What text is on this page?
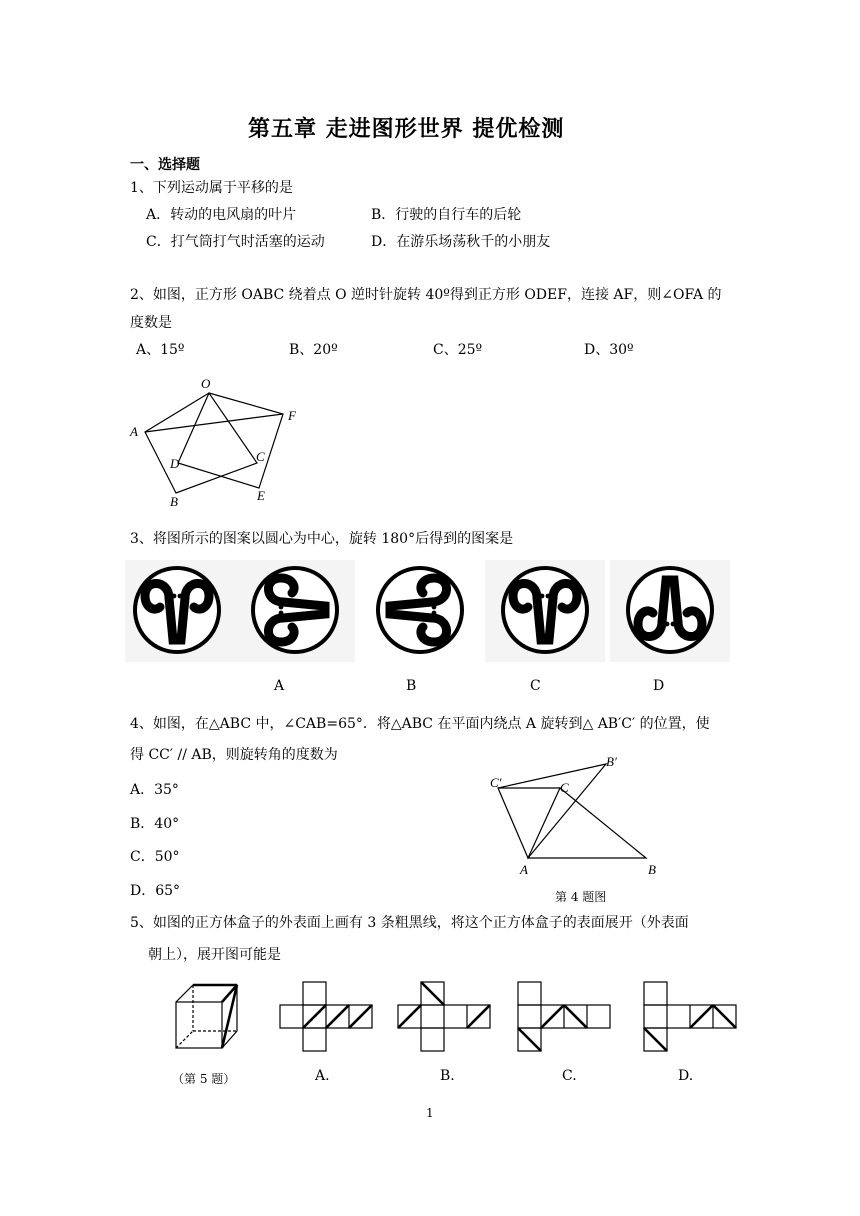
第五章 走进图形世界 提优检测
一、选择题
1、下列运动属于平移的是
A．转动的电风扇的叶片	B．行驶的自行车的后轮
C．打气筒打气时活塞的运动	D．在游乐场荡秋千的小朋友
2、如图，正方形 OABC 绕着点 O 逆时针旋转 40º得到正方形 ODEF，连接 AF，则∠OFA 的
度数是
A、15º	B、20º	C、25º	D、30º
O
A
F
D	C
B	E
3、将图所示的图案以圆心为中心，旋转 180°后得到的图案是
A	B	C	D
4、如图，在△ABC 中，∠CAB=65°．将△ABC 在平面内绕点 A 旋转到△ AB′C′ 的位置，使
得 CC′ // AB，则旋转角的度数为
A．35°
B．40°
C．50°
D．65°
C′	C
B′
A	B
第 4 题图
5、如图的正方体盒子的外表面上画有 3 条粗黑线，将这个正方体盒子的表面展开（外表面
朝上），展开图可能是
（第 5 题）	A.	B.	C.	D.
1
